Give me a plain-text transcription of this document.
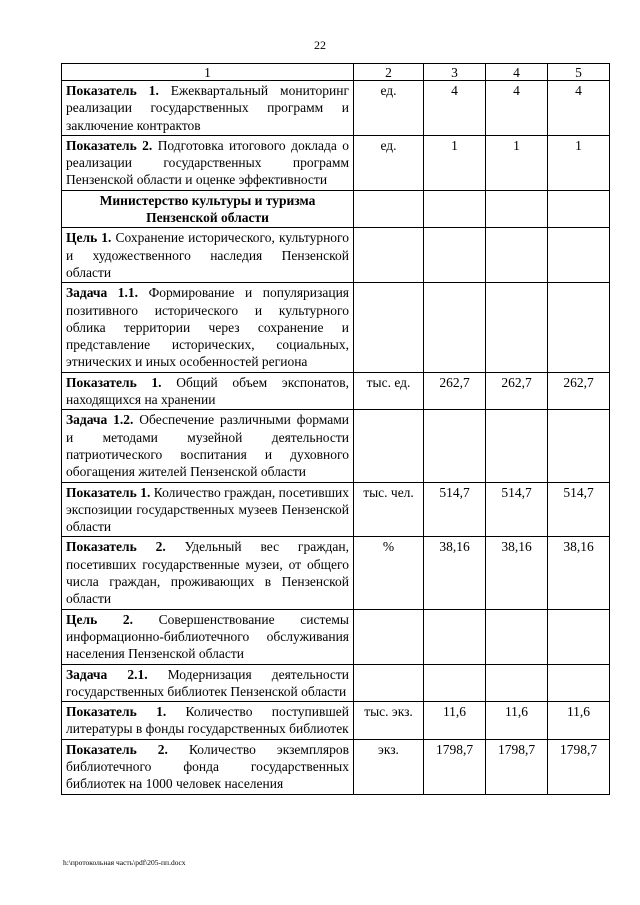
22
1	2	3	4	5
Показатель 1. Ежеквартальный мониторинг реализации государственных программ и заключение контрактов	ед.	4	4	4
Показатель 2. Подготовка итогового доклада о реализации государственных программ Пензенской области и оценке эффективности	ед.	1	1	1
Министерство культуры и туризма Пензенской области				
Цель 1. Сохранение исторического, культурного и художественного наследия Пензенской области				
Задача 1.1. Формирование и популяризация позитивного исторического и культурного облика территории через сохранение и представление исторических, социальных, этнических и иных особенностей региона				
Показатель 1. Общий объем экспонатов, находящихся на хранении	тыс. ед.	262,7	262,7	262,7
Задача 1.2. Обеспечение различными формами и методами музейной деятельности патриотического воспитания и духовного обогащения жителей Пензенской области				
Показатель 1. Количество граждан, посетивших экспозиции государственных музеев Пензенской области	тыс. чел.	514,7	514,7	514,7
Показатель 2. Удельный вес граждан, посетивших государственные музеи, от общего числа граждан, проживающих в Пензенской области	%	38,16	38,16	38,16
Цель 2. Совершенствование системы информационно-библиотечного обслуживания населения Пензенской области				
Задача 2.1. Модернизация деятельности государственных библиотек Пензенской области				
Показатель 1. Количество поступившей литературы в фонды государственных библиотек	тыс. экз.	11,6	11,6	11,6
Показатель 2. Количество экземпляров библиотечного фонда государственных библиотек на 1000 человек населения	экз.	1798,7	1798,7	1798,7
h:\протокольная часть\pdf\205-пп.docx
